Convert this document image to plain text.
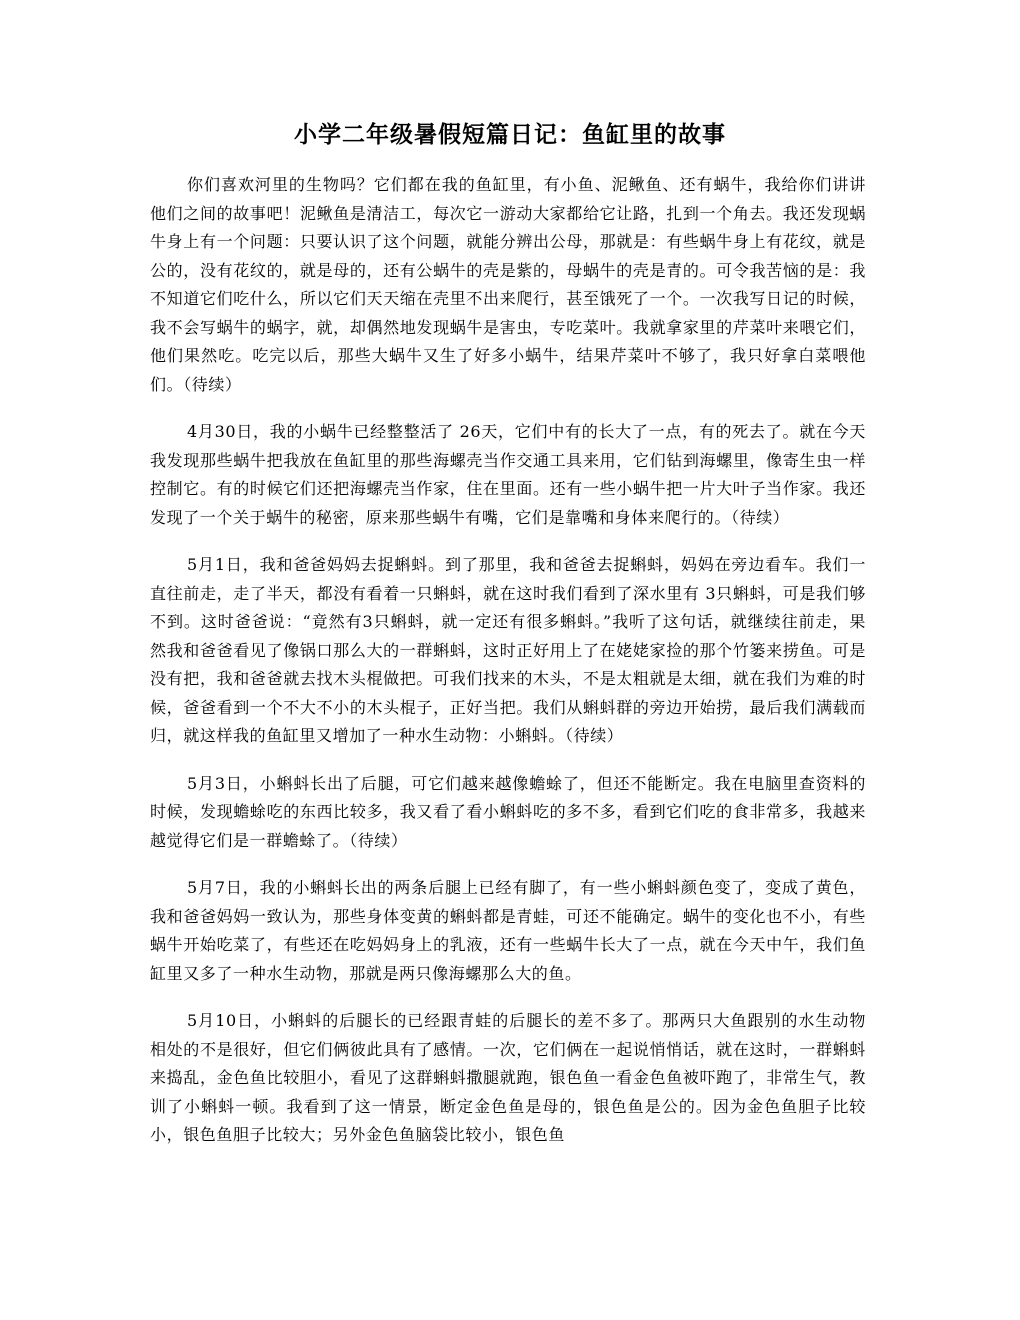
小学二年级暑假短篇日记：鱼缸里的故事

你们喜欢河里的生物吗？它们都在我的鱼缸里，有小鱼、泥鳅鱼、还有蜗牛，我给你们讲讲他们之间的故事吧！泥鳅鱼是清洁工，每次它一游动大家都给它让路，扎到一个角去。我还发现蜗牛身上有一个问题：只要认识了这个问题，就能分辨出公母，那就是：有些蜗牛身上有花纹，就是公的，没有花纹的，就是母的，还有公蜗牛的壳是紫的，母蜗牛的壳是青的。可令我苦恼的是：我不知道它们吃什么，所以它们天天缩在壳里不出来爬行，甚至饿死了一个。一次我写日记的时候，我不会写蜗牛的蜗字，就，却偶然地发现蜗牛是害虫，专吃菜叶。我就拿家里的芹菜叶来喂它们，他们果然吃。吃完以后，那些大蜗牛又生了好多小蜗牛，结果芹菜叶不够了，我只好拿白菜喂他们。（待续）

4月30日，我的小蜗牛已经整整活了 26天，它们中有的长大了一点，有的死去了。就在今天我发现那些蜗牛把我放在鱼缸里的那些海螺壳当作交通工具来用，它们钻到海螺里，像寄生虫一样控制它。有的时候它们还把海螺壳当作家，住在里面。还有一些小蜗牛把一片大叶子当作家。我还发现了一个关于蜗牛的秘密，原来那些蜗牛有嘴，它们是靠嘴和身体来爬行的。（待续）

5月1日，我和爸爸妈妈去捉蝌蚪。到了那里，我和爸爸去捉蝌蚪，妈妈在旁边看车。我们一直往前走，走了半天，都没有看着一只蝌蚪，就在这时我们看到了深水里有 3只蝌蚪，可是我们够不到。这时爸爸说：“竟然有3只蝌蚪，就一定还有很多蝌蚪。”我听了这句话，就继续往前走，果然我和爸爸看见了像锅口那么大的一群蝌蚪，这时正好用上了在姥姥家捡的那个竹篓来捞鱼。可是没有把，我和爸爸就去找木头棍做把。可我们找来的木头，不是太粗就是太细，就在我们为难的时候，爸爸看到一个不大不小的木头棍子，正好当把。我们从蝌蚪群的旁边开始捞，最后我们满载而归，就这样我的鱼缸里又增加了一种水生动物：小蝌蚪。（待续）

5月3日，小蝌蚪长出了后腿，可它们越来越像蟾蜍了，但还不能断定。我在电脑里查资料的时候，发现蟾蜍吃的东西比较多，我又看了看小蝌蚪吃的多不多，看到它们吃的食非常多，我越来越觉得它们是一群蟾蜍了。（待续）

5月7日，我的小蝌蚪长出的两条后腿上已经有脚了，有一些小蝌蚪颜色变了，变成了黄色，我和爸爸妈妈一致认为，那些身体变黄的蝌蚪都是青蛙，可还不能确定。蜗牛的变化也不小，有些蜗牛开始吃菜了，有些还在吃妈妈身上的乳液，还有一些蜗牛长大了一点，就在今天中午，我们鱼缸里又多了一种水生动物，那就是两只像海螺那么大的鱼。

5月10日，小蝌蚪的后腿长的已经跟青蛙的后腿长的差不多了。那两只大鱼跟别的水生动物相处的不是很好，但它们俩彼此具有了感情。一次，它们俩在一起说悄悄话，就在这时，一群蝌蚪来捣乱，金色鱼比较胆小，看见了这群蝌蚪撒腿就跑，银色鱼一看金色鱼被吓跑了，非常生气，教训了小蝌蚪一顿。我看到了这一情景，断定金色鱼是母的，银色鱼是公的。因为金色鱼胆子比较小，银色鱼胆子比较大；另外金色鱼脑袋比较小，银色鱼
